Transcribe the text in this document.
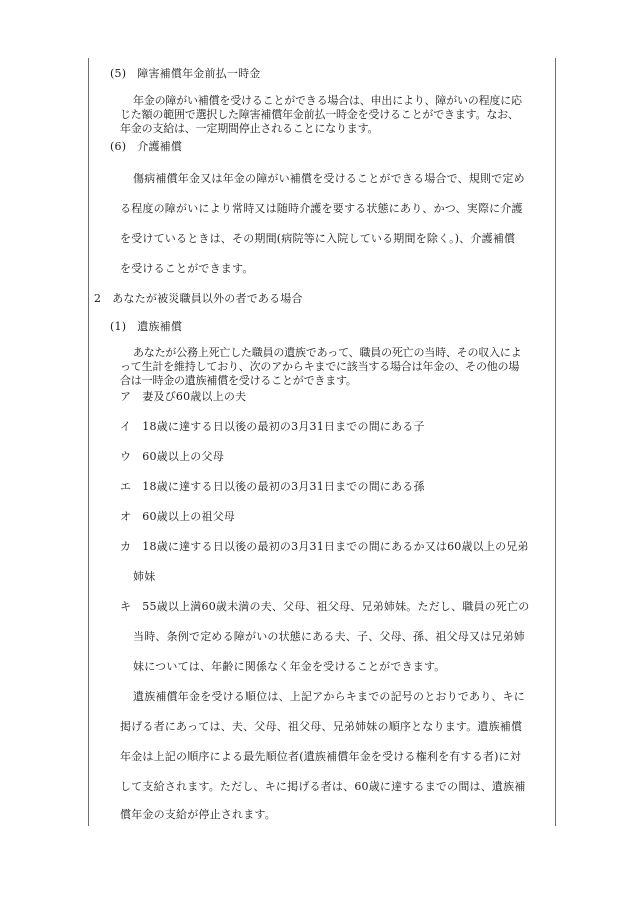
(5) 障害補償年金前払一時金

年金の障がい補償を受けることができる場合は、申出により、障がいの程度に応

じた額の範囲で選択した障害補償年金前払一時金を受けることができます。なお、

年金の支給は、一定期間停止されることになります。

(6) 介護補償

傷病補償年金又は年金の障がい補償を受けることができる場合で、規則で定め

る程度の障がいにより常時又は随時介護を要する状態にあり、かつ、実際に介護

を受けているときは、その期間(病院等に入院している期間を除く。)、介護補償

を受けることができます。

2 あなたが被災職員以外の者である場合

(1) 遺族補償

あなたが公務上死亡した職員の遺族であって、職員の死亡の当時、その収入によ

って生計を維持しており、次のアからキまでに該当する場合は年金の、その他の場

合は一時金の遺族補償を受けることができます。

ア 妻及び60歳以上の夫

イ 18歳に達する日以後の最初の3月31日までの間にある子

ウ 60歳以上の父母

エ 18歳に達する日以後の最初の3月31日までの間にある孫

オ 60歳以上の祖父母

カ 18歳に達する日以後の最初の3月31日までの間にあるか又は60歳以上の兄弟

姉妹

キ 55歳以上満60歳未満の夫、父母、祖父母、兄弟姉妹。ただし、職員の死亡の

当時、条例で定める障がいの状態にある夫、子、父母、孫、祖父母又は兄弟姉

妹については、年齢に関係なく年金を受けることができます。

遺族補償年金を受ける順位は、上記アからキまでの記号のとおりであり、キに

掲げる者にあっては、夫、父母、祖父母、兄弟姉妹の順序となります。遺族補償

年金は上記の順序による最先順位者(遺族補償年金を受ける権利を有する者)に対

して支給されます。ただし、キに掲げる者は、60歳に達するまでの間は、遺族補

償年金の支給が停止されます。
